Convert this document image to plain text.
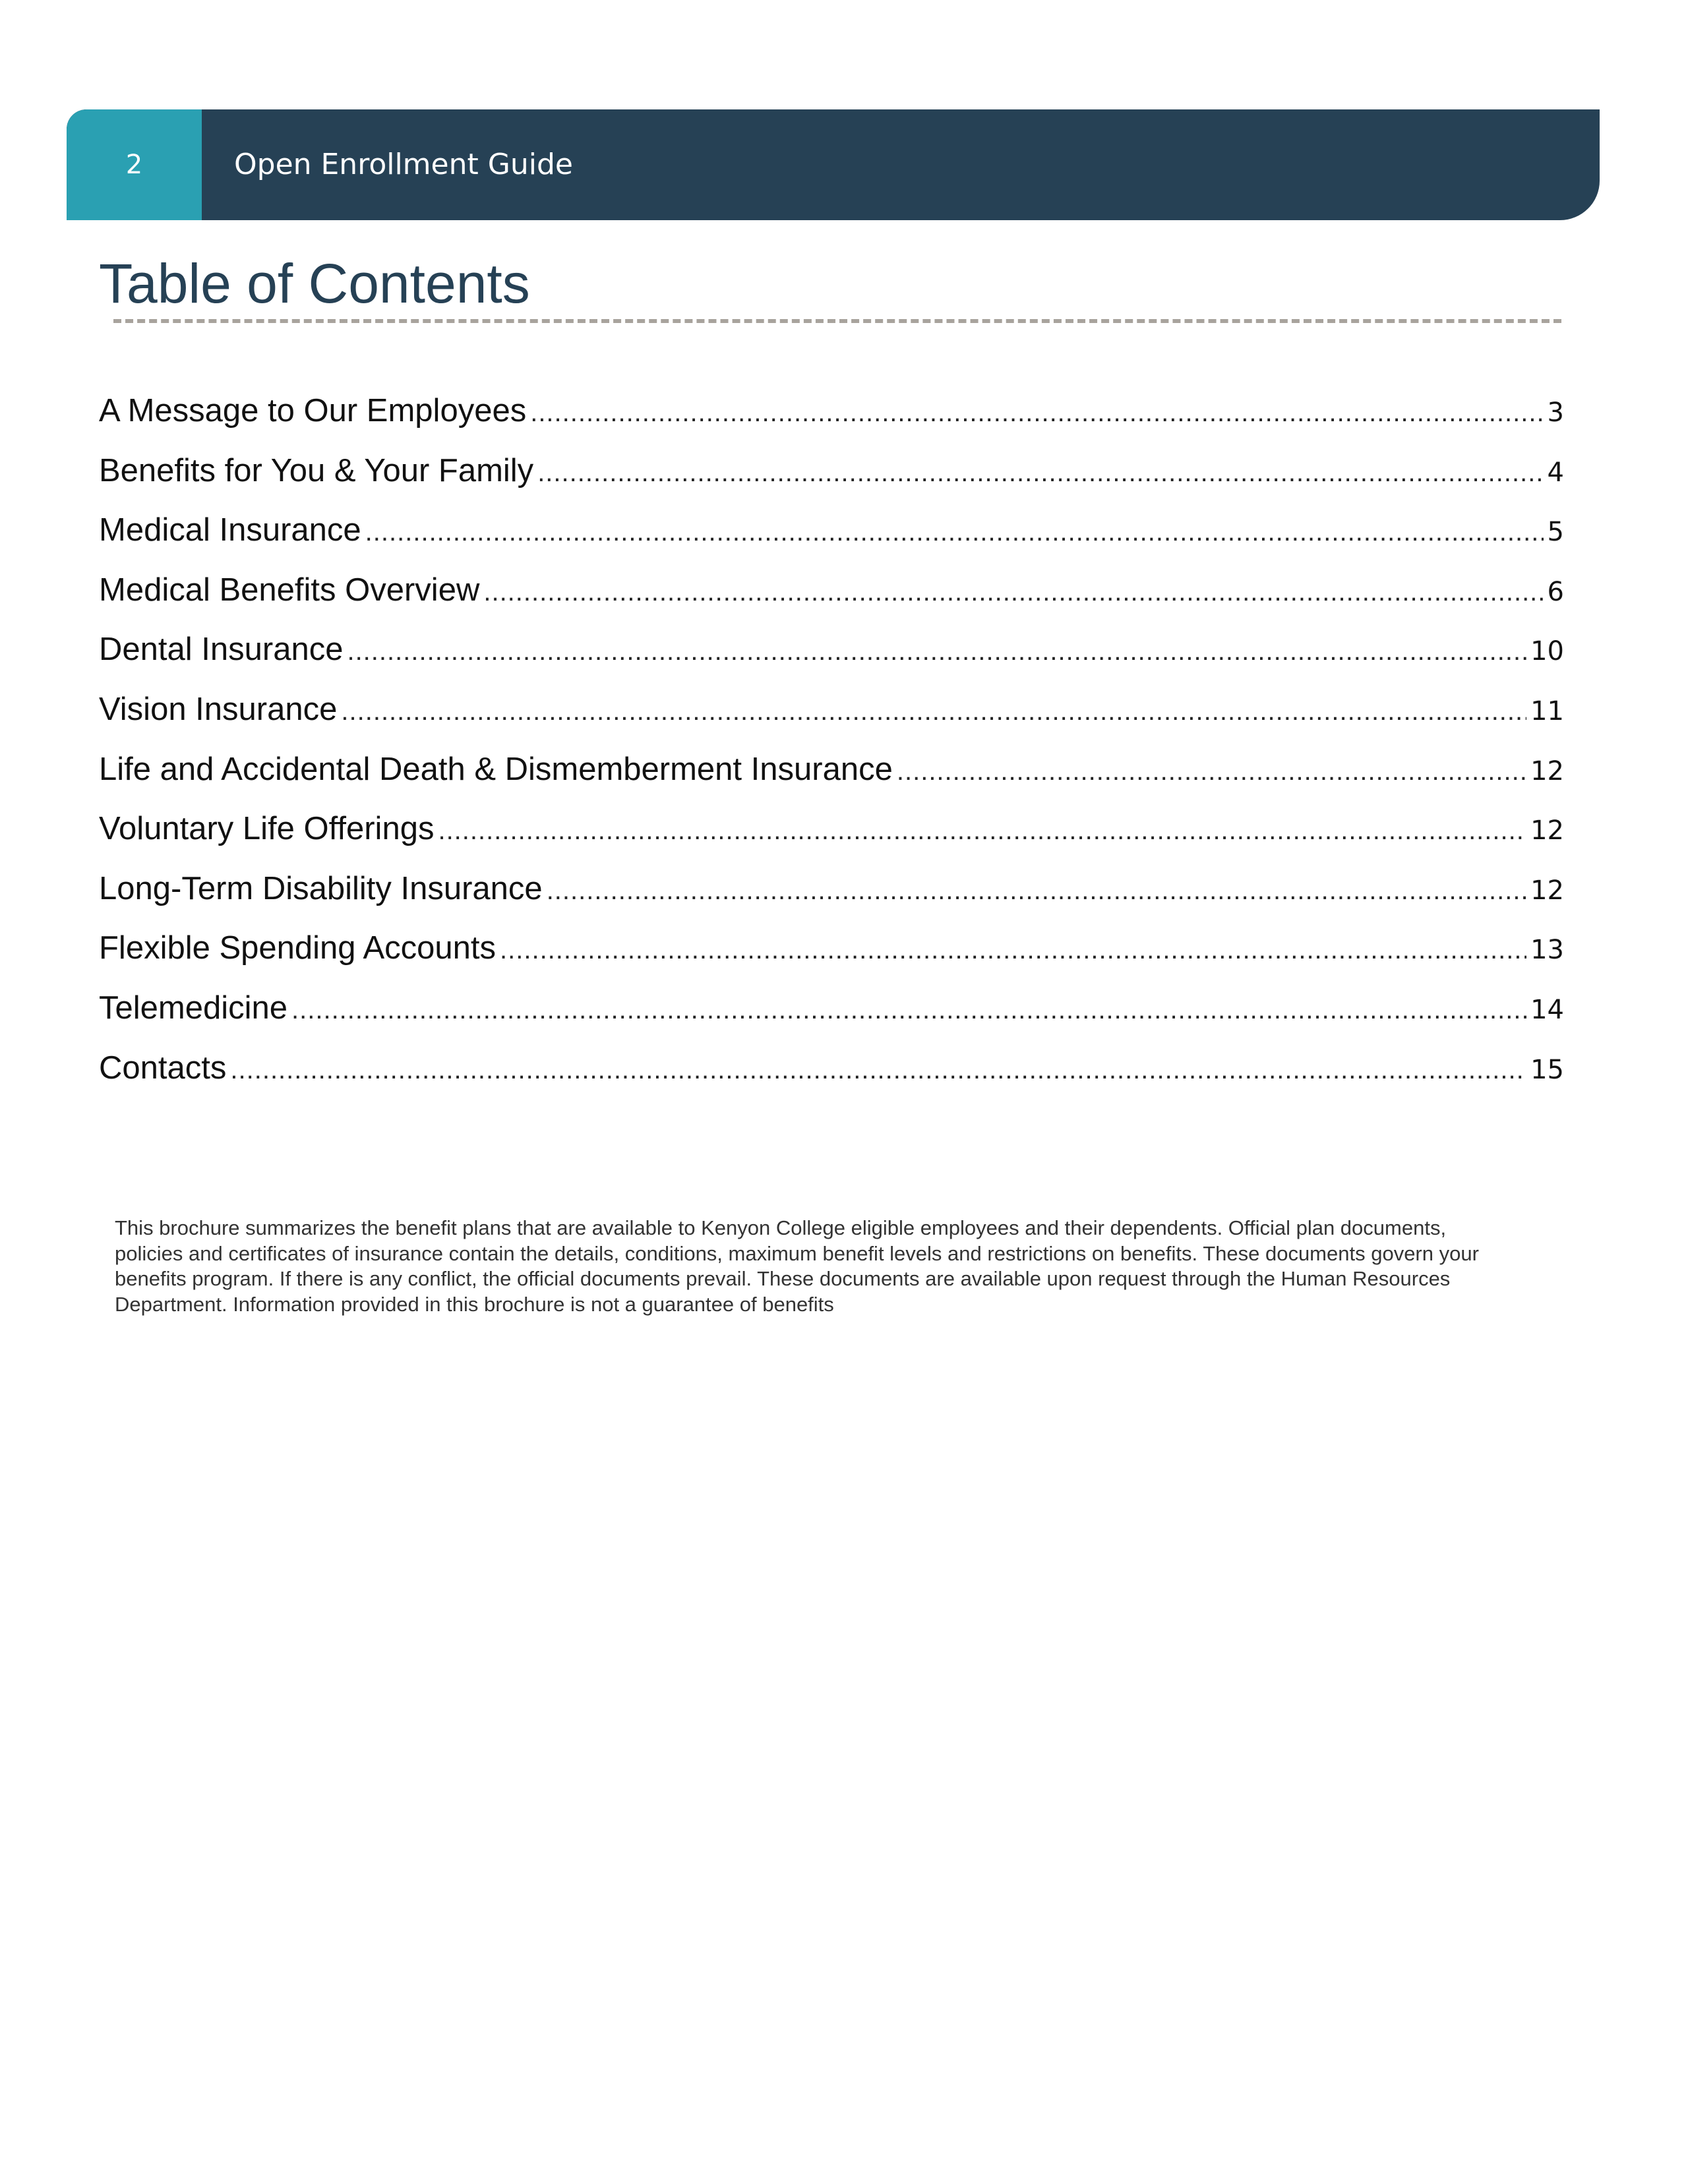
2	Open Enrollment Guide
Table of Contents
A Message to Our Employees .....	3
Benefits for You & Your Family .....	4
Medical Insurance .....	5
Medical Benefits Overview .....	6
Dental Insurance .....	10
Vision Insurance .....	11
Life and Accidental Death & Dismemberment Insurance .....	12
Voluntary Life Offerings .....	12
Long-Term Disability Insurance .....	12
Flexible Spending Accounts .....	13
Telemedicine .....	14
Contacts .....	15

This brochure summarizes the benefit plans that are available to Kenyon College eligible employees and their dependents. Official plan documents, policies and certificates of insurance contain the details, conditions, maximum benefit levels and restrictions on benefits. These documents govern your benefits program. If there is any conflict, the official documents prevail. These documents are available upon request through the Human Resources Department. Information provided in this brochure is not a guarantee of benefits
